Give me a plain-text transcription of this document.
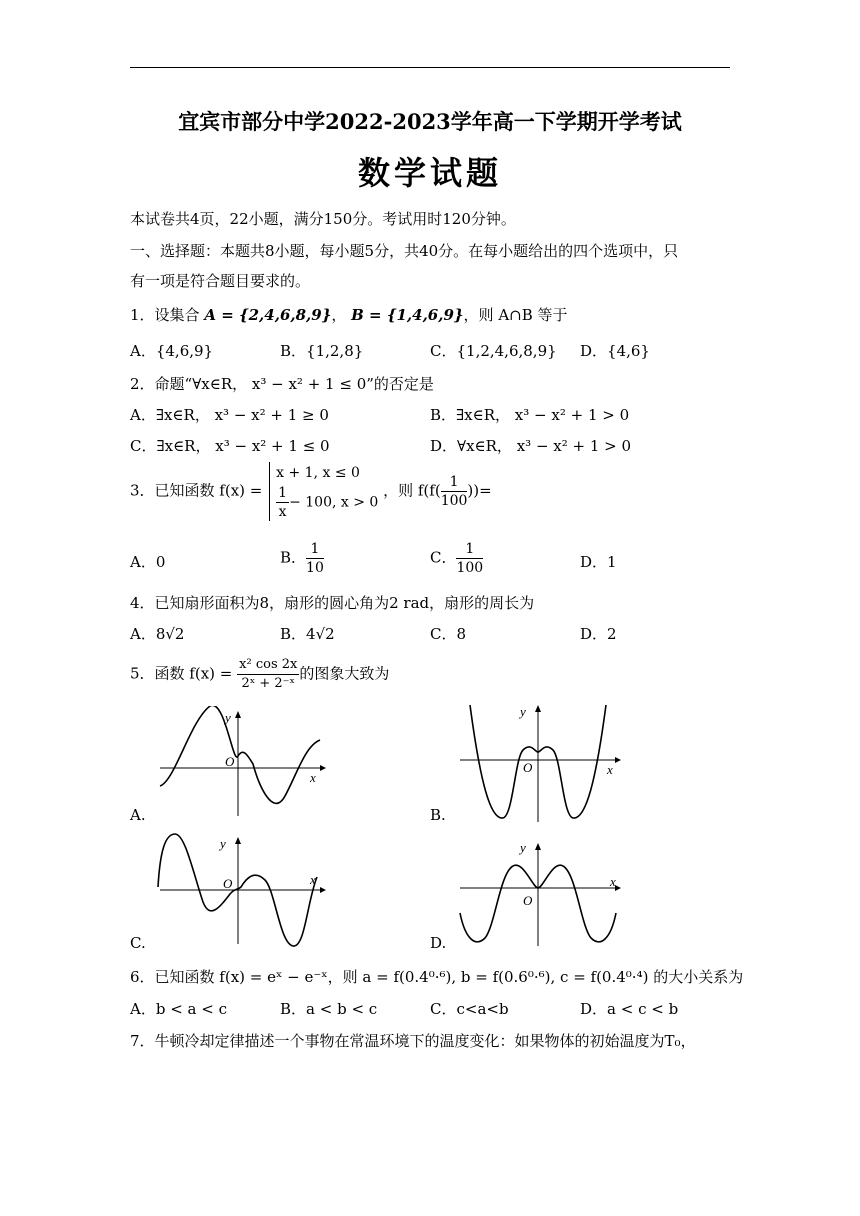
宜宾市部分中学2022-2023学年高一下学期开学考试
数学试题
本试卷共4页，22小题，满分150分。考试用时120分钟。
一、选择题：本题共8小题，每小题5分，共40分。在每小题给出的四个选项中，只
有一项是符合题目要求的。
1．设集合 A = {2,4,6,8,9}， B = {1,4,6,9}，则 A∩B 等于
A．{4,6,9}	B．{1,2,8}	C．{1,2,4,6,8,9} D．{4,6}
2．命题“∀x∈R， x³ − x² + 1 ≤ 0”的否定是
A．∃x∈R， x³ − x² + 1 ≥ 0	B．∃x∈R， x³ − x² + 1 > 0
C．∃x∈R， x³ − x² + 1 ≤ 0	D．∀x∈R， x³ − x² + 1 > 0
3．已知函数 f(x) =
x + 1, x ≤ 0
$\frac{1}{x} - 100$, x > 0
，则 $f(f( \frac{1}{100}$ ))=
A．0	B． $\frac{1}{10}$	C． $\frac{1}{100}$	D．1
4．已知扇形面积为8，扇形的圆心角为2 rad，扇形的周长为
A．8√2	B．4√2	C．8	D．2
5．函数 $f(x) = \frac{\text{x² cos 2x}}{\text{2ˣ + 2⁻ˣ}}$ 的图象大致为
y
O
x
A.
y
O	x
B.
y
O	x
C.
y
O
x
D.
6．已知函数 f(x) = eˣ − e⁻ˣ，则 a = f(0.4⁰·⁶), b = f(0.6⁰·⁶), c = f(0.4⁰·⁴) 的大小关系为
A．b < a < c	B．a < b < c	C．c<a<b	D．a < c < b
7．牛顿冷却定律描述一个事物在常温环境下的温度变化：如果物体的初始温度为T₀，
